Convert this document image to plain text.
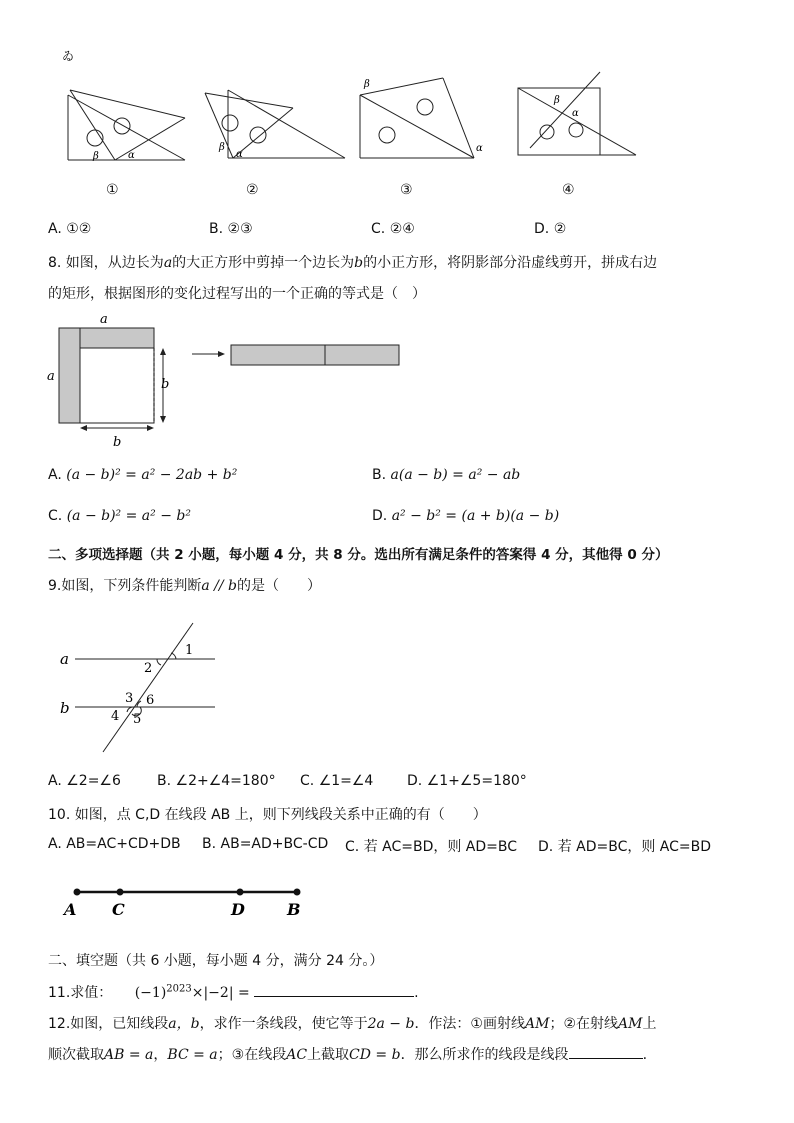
ゐ
β	α
β
α
β
α
β
α
①	②	③	④
A. ①②	B. ②③	C. ②④	D. ②
8. 如图，从边长为a的大正方形中剪掉一个边长为b的小正方形，将阴影部分沿虚线剪开，拼成右边
的矩形，根据图形的变化过程写出的一个正确的等式是（　）
a
a
b
b
A. (a − b)² = a² − 2ab + b²	B. a(a − b) = a² − ab
C. (a − b)² = a² − b²	D. a² − b² = (a + b)(a − b)
二、多项选择题（共 2 小题，每小题 4 分，共 8 分。选出所有满足条件的答案得 4 分，其他得 0 分）
9.如图，下列条件能判断a // b的是（　　）
a
b
1
2
3
4 5
6
A. ∠2=∠6	B. ∠2+∠4=180° C. ∠1=∠4 D. ∠1+∠5=180°
10. 如图，点 C,D 在线段 AB 上，则下列线段关系中正确的有（　　）
A. AB=AC+CD+DB B. AB=AD+BC-CD C. 若 AC=BD，则 AD=BC D. 若 AD=BC，则 AC=BD
A C	D	B
二、填空题（共 6 小题，每小题 4 分，满分 24 分。）
11.求值： $(-1)^{2023}\times|-2|$ =	.
12.如图，已知线段a，b，求作一条线段，使它等于2a − b．作法：①画射线AM；②在射线AM上
顺次截取AB = a，BC = a；③在线段AC上截取CD = b．那么所求作的线段是线段	.
